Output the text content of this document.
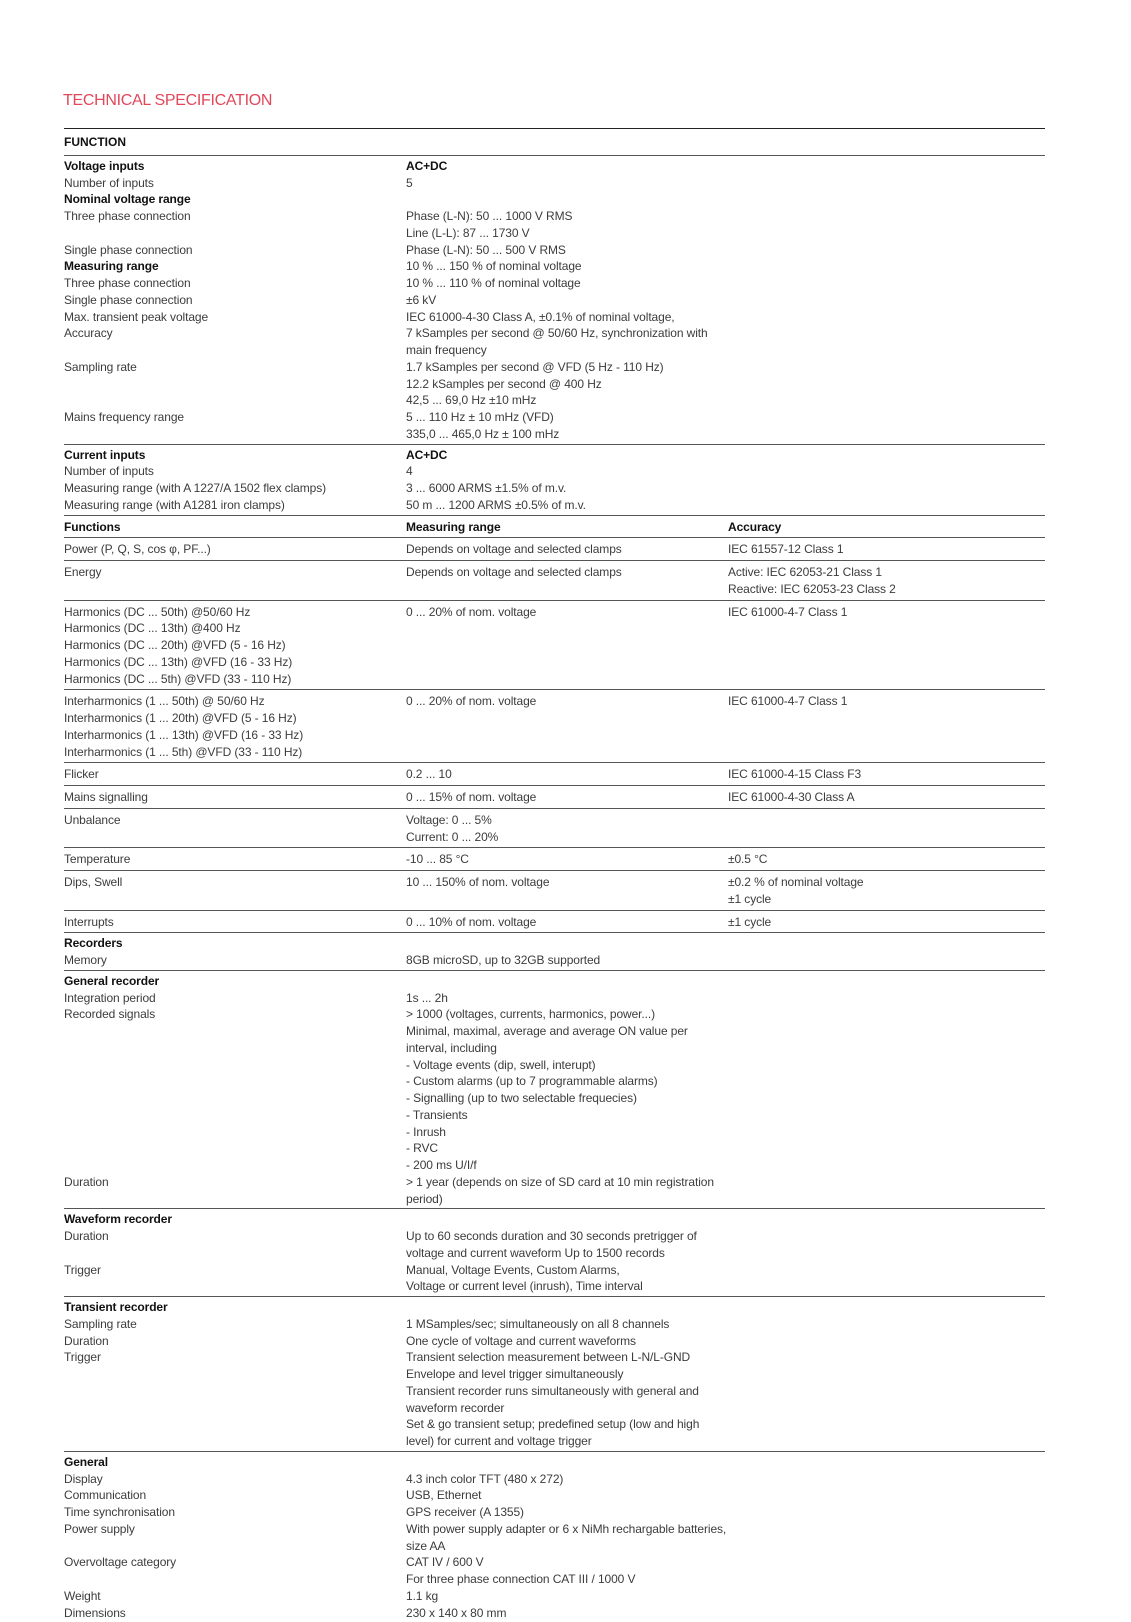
TECHNICAL SPECIFICATION
FUNCTION
Voltage inputs	AC+DC
Number of inputs	5
Nominal voltage range
Three phase connection	Phase (L-N): 50 ... 1000 V RMS
Line (L-L): 87 ... 1730 V
Single phase connection	Phase (L-N): 50 ... 500 V RMS
Measuring range	10 % ... 150 % of nominal voltage
Three phase connection	10 % ... 110 % of nominal voltage
Single phase connection	±6 kV
Max. transient peak voltage	IEC 61000-4-30 Class A, ±0.1% of nominal voltage,
Accuracy	7 kSamples per second @ 50/60 Hz, synchronization with main frequency
Sampling rate	1.7 kSamples per second @ VFD (5 Hz - 110 Hz)
12.2 kSamples per second @ 400 Hz
42,5 ... 69,0 Hz ±10 mHz
Mains frequency range	5 ... 110 Hz ± 10 mHz (VFD)
335,0 ... 465,0 Hz ± 100 mHz
Current inputs	AC+DC
Number of inputs	4
Measuring range (with A 1227/A 1502 flex clamps)	3 ... 6000 ARMS ±1.5% of m.v.
Measuring range (with A1281 iron clamps)	50 m ... 1200 ARMS ±0.5% of m.v.
Functions	Measuring range	Accuracy
Power (P, Q, S, cos φ, PF...)	Depends on voltage and selected clamps	IEC 61557-12 Class 1
Energy	Depends on voltage and selected clamps	Active: IEC 62053-21 Class 1
Reactive: IEC 62053-23 Class 2
Harmonics (DC ... 50th) @50/60 Hz
Harmonics (DC ... 13th) @400 Hz
Harmonics (DC ... 20th) @VFD (5 - 16 Hz)
Harmonics (DC ... 13th) @VFD (16 - 33 Hz)
Harmonics (DC ... 5th) @VFD (33 - 110 Hz)
0 ... 20% of nom. voltage	IEC 61000-4-7 Class 1
Interharmonics (1 ... 50th) @ 50/60 Hz
Interharmonics (1 ... 20th) @VFD (5 - 16 Hz)
Interharmonics (1 ... 13th) @VFD (16 - 33 Hz)
Interharmonics (1 ... 5th) @VFD (33 - 110 Hz)
0 ... 20% of nom. voltage	IEC 61000-4-7 Class 1
Flicker	0.2 ... 10	IEC 61000-4-15 Class F3
Mains signalling	0 ... 15% of nom. voltage	IEC 61000-4-30 Class A
Unbalance	Voltage: 0 ... 5%
Current: 0 ... 20%
Temperature	-10 ... 85 °C	±0.5 °C
Dips, Swell	10 ... 150% of nom. voltage	±0.2 % of nominal voltage
±1 cycle
Interrupts	0 ... 10% of nom. voltage	±1 cycle
Recorders
Memory	8GB microSD, up to 32GB supported
General recorder
Integration period	1s ... 2h
Recorded signals	> 1000 (voltages, currents, harmonics, power...)
Minimal, maximal, average and average ON value per interval, including
- Voltage events (dip, swell, interupt)
- Custom alarms (up to 7 programmable alarms)
- Signalling (up to two selectable frequecies)
- Transients
- Inrush
- RVC
- 200 ms U/I/f
Duration	> 1 year (depends on size of SD card at 10 min registration period)
Waveform recorder
Duration	Up to 60 seconds duration and 30 seconds pretrigger of voltage and current waveform Up to 1500 records
Trigger	Manual, Voltage Events, Custom Alarms,
Voltage or current level (inrush), Time interval
Transient recorder
Sampling rate	1 MSamples/sec; simultaneously on all 8 channels
Duration	One cycle of voltage and current waveforms
Trigger	Transient selection measurement between L-N/L-GND
Envelope and level trigger simultaneously
Transient recorder runs simultaneously with general and waveform recorder
Set & go transient setup; predefined setup (low and high level) for current and voltage trigger
General
Display	4.3 inch color TFT (480 x 272)
Communication	USB, Ethernet
Time synchronisation	GPS receiver (A 1355)
Power supply	With power supply adapter or 6 x NiMh rechargable batteries, size AA
Overvoltage category	CAT IV / 600 V
For three phase connection CAT III / 1000 V
Weight	1.1 kg
Dimensions	230 x 140 x 80 mm
